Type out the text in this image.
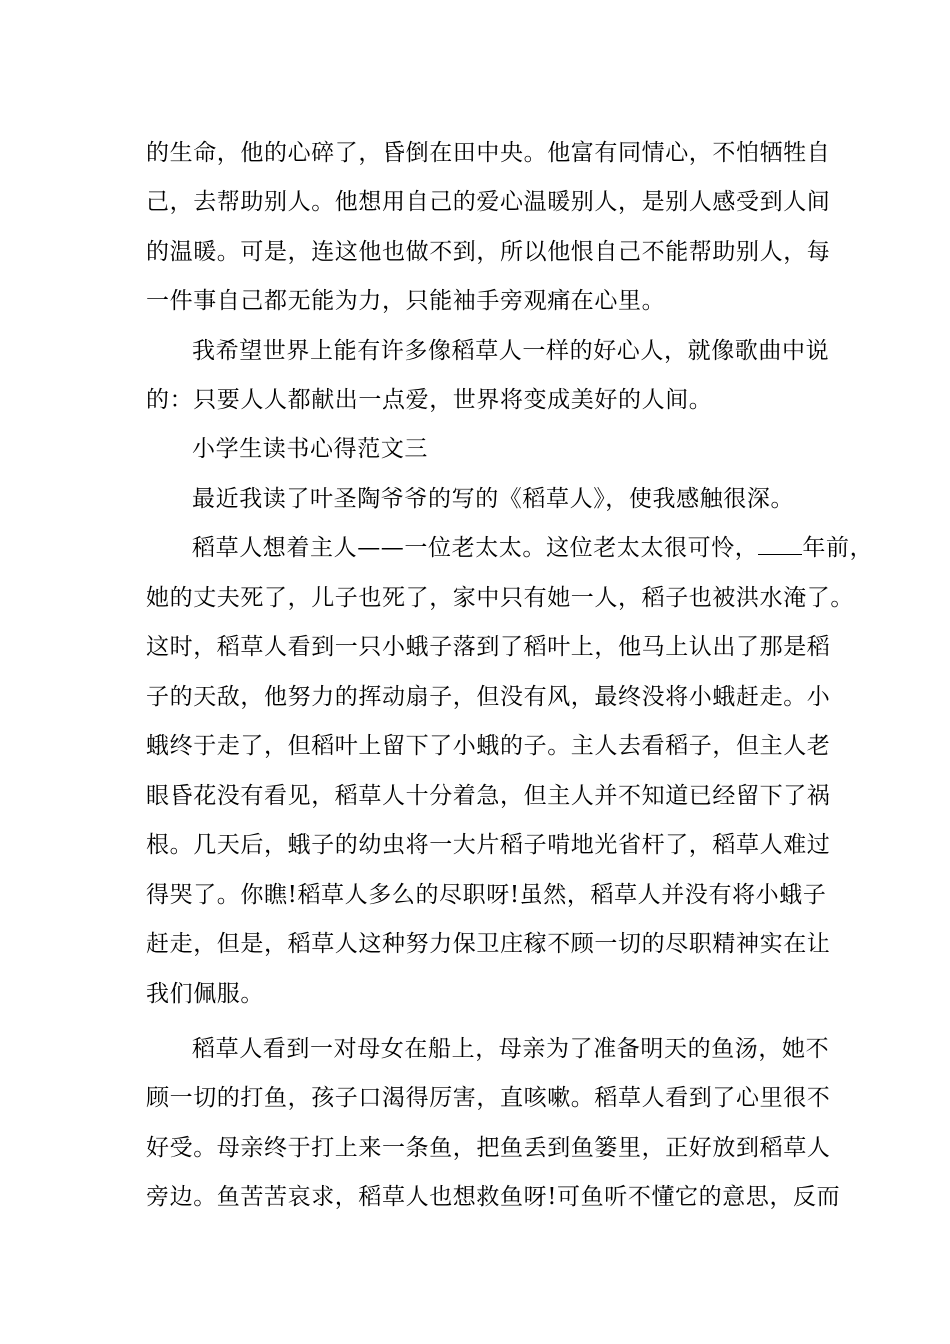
的生命，他的心碎了，昏倒在田中央。他富有同情心，不怕牺牲自
己，去帮助别人。他想用自己的爱心温暖别人，是别人感受到人间
的温暖。可是，连这他也做不到，所以他恨自己不能帮助别人，每
一件事自己都无能为力，只能袖手旁观痛在心里。
我希望世界上能有许多像稻草人一样的好心人，就像歌曲中说
的：只要人人都献出一点爱，世界将变成美好的人间。
小学生读书心得范文三
最近我读了叶圣陶爷爷的写的《稻草人》，使我感触很深。
稻草人想着主人——一位老太太。这位老太太很可怜， 年前，
她的丈夫死了，儿子也死了，家中只有她一人，稻子也被洪水淹了。
这时，稻草人看到一只小蛾子落到了稻叶上，他马上认出了那是稻
子的天敌，他努力的挥动扇子，但没有风，最终没将小蛾赶走。小
蛾终于走了，但稻叶上留下了小蛾的子。主人去看稻子，但主人老
眼昏花没有看见，稻草人十分着急，但主人并不知道已经留下了祸
根。几天后，蛾子的幼虫将一大片稻子啃地光省杆了，稻草人难过
得哭了。你瞧!稻草人多么的尽职呀!虽然，稻草人并没有将小蛾子
赶走，但是，稻草人这种努力保卫庄稼不顾一切的尽职精神实在让
我们佩服。
稻草人看到一对母女在船上，母亲为了准备明天的鱼汤，她不
顾一切的打鱼，孩子口渴得厉害，直咳嗽。稻草人看到了心里很不
好受。母亲终于打上来一条鱼，把鱼丢到鱼篓里，正好放到稻草人
旁边。鱼苦苦哀求，稻草人也想救鱼呀!可鱼听不懂它的意思，反而
